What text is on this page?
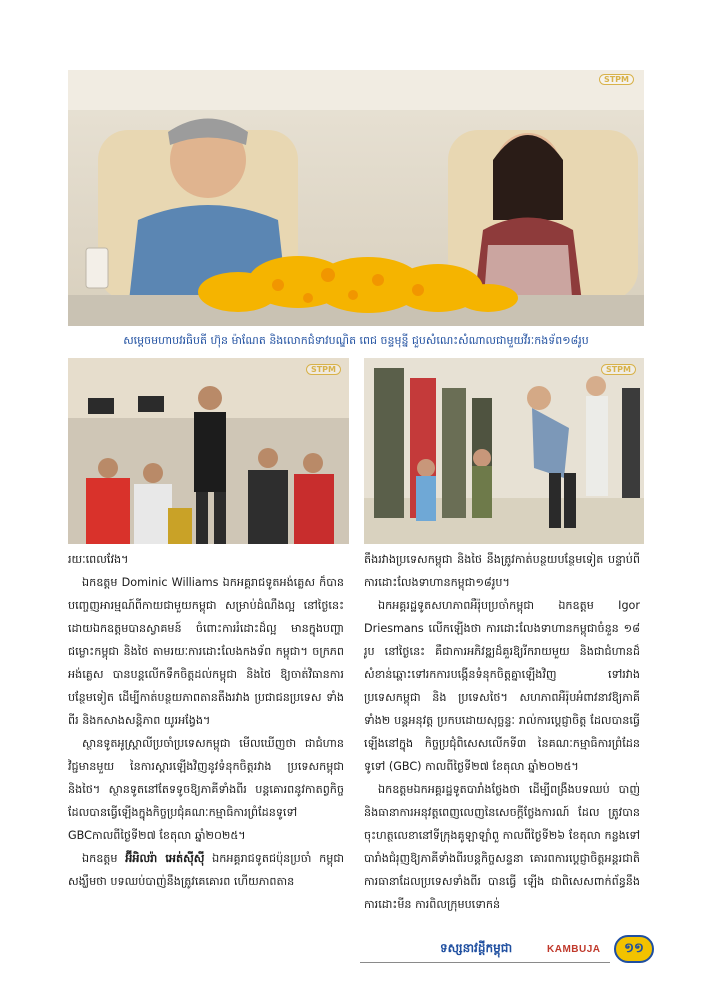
STPM
សម្តេចមហាបវរធិបតី ហ៊ុន ម៉ាណែត និងលោកជំទាវបណ្ឌិត ពេជ ចន្ទមុន្នី ជួបសំណេះសំណាលជាមួយវីរៈកងទ័ព១៨រូប
STPM	STPM

រយៈពេលវែង។

ឯកឧត្តម Dominic Williams ឯកអគ្គរាជទូតអង់គ្លេស ក៏បានបញ្ចេញអារម្មណ៍ពីកាយជាមួយកម្ពុជា សម្រាប់ដំណឹងល្អ នៅថ្ងៃនេះ ដោយឯកឧត្តមបានស្វាគមន៍ ចំពោះការរំដោះដ៏ល្អ មានក្នុងបញ្ហាជម្លោះកម្ពុជា និងថៃ តាមរយៈការដោះលែងកងទ័ព កម្ពុជា។ ចក្រភពអង់គ្លេស បានបន្តលើកទឹកចិត្តដល់កម្ពុជា និងថៃ ឱ្យចាត់វិធានការបន្ថែមទៀត ដើម្បីកាត់បន្ថយភាពតានតឹងរវាង ប្រជាជនប្រទេស ទាំងពីរ និងកសាងសន្តិភាព យូរអង្វែង។

ស្ថានទូតអូស្ត្រាលីប្រចាំប្រទេសកម្ពុជា មើលឃើញថា ជាជំហានវិជ្ជមានមួយ នៃការស្តារឡើងវិញនូវទំនុកចិត្តរវាង ប្រទេសកម្ពុជានិងថៃ។ ស្ថានទូតនៅតែទទូចឱ្យភាគីទាំងពីរ បន្តគោរពនូវកាតព្វកិច្ចដែលបានធ្វើឡើងក្នុងកិច្ចប្រជុំគណៈកម្មាធិការព្រំដែនទូទៅ GBCកាលពីថ្ងៃទី២៧ ខែតុលា ឆ្នាំ២០២៥។

ឯកឧត្តម អ៊ីអិលរ៉ា អេត់ស៊ីស៊ី ឯកអគ្គរាជទូតជប៉ុនប្រចាំ កម្ពុជាសង្ឃឹមថា បទឈប់បាញ់នឹងត្រូវគេគោរព ហើយភាពតាន

តឹងរវាងប្រទេសកម្ពុជា និងថៃ នឹងត្រូវកាត់បន្ថយបន្ថែមទៀត បន្ទាប់ពីការដោះលែងទាហានកម្ពុជា១៨រូប។

ឯកអគ្គរដ្ឋទូតសហភាពអឺរ៉ុបប្រចាំកម្ពុជា ឯកឧត្តម Igor Driesmans លើកឡើងថា ការដោះលែងទាហានកម្ពុជាចំនួន ១៨ រូប នៅថ្ងៃនេះ គឺជាការអភិវឌ្ឍដ៏គួរឱ្យរីករាយមួយ និងជាជំហានដ៏សំខាន់ឆ្ពោះទៅរកការបង្កើនទំនុកចិត្តគ្នាឡើងវិញ ទៅរវាងប្រទេសកម្ពុជា និង ប្រទេសថៃ។ សហភាពអឺរ៉ុបអំពាវនាវឱ្យភាគីទាំង២ បន្តអនុវត្ត ប្រកបដោយសុច្ឆន្ទៈ រាល់ការប្តេជ្ញាចិត្ត ដែលបានធ្វើឡើងនៅក្នុង កិច្ចប្រជុំពិសេសលើកទី៣ នៃគណៈកម្មាធិការព្រំដែនទូទៅ (GBC) កាលពីថ្ងៃទី២៧ ខែតុលា ឆ្នាំ២០២៥។

ឯកឧត្តមឯកអគ្គរដ្ឋទូតបារាំងថ្លែងថា ដើម្បីពង្រឹងបទឈប់ បាញ់ និងធានាការអនុវត្តពេញលេញនៃសេចក្តីថ្លែងការណ៍ ដែល ត្រូវបានចុះហត្ថលេខានៅទីក្រុងគូឡាឡាំពួ កាលពីថ្ងៃទី២៦ ខែតុលា កន្លងទៅ បារាំងជំរុញឱ្យភាគីទាំងពីរបន្តកិច្ចសន្ទនា គោរពការប្តេជ្ញាចិត្តអន្តរជាតិការធានាដែលប្រទេសទាំងពីរ បានធ្វើ ឡើង ជាពិសេសពាក់ព័ន្ធនឹងការដោះមីន ការពិលក្រុមបទោកន់

ទស្សនាវដ្តីកម្ពុជា	KAMBUJA	១១
